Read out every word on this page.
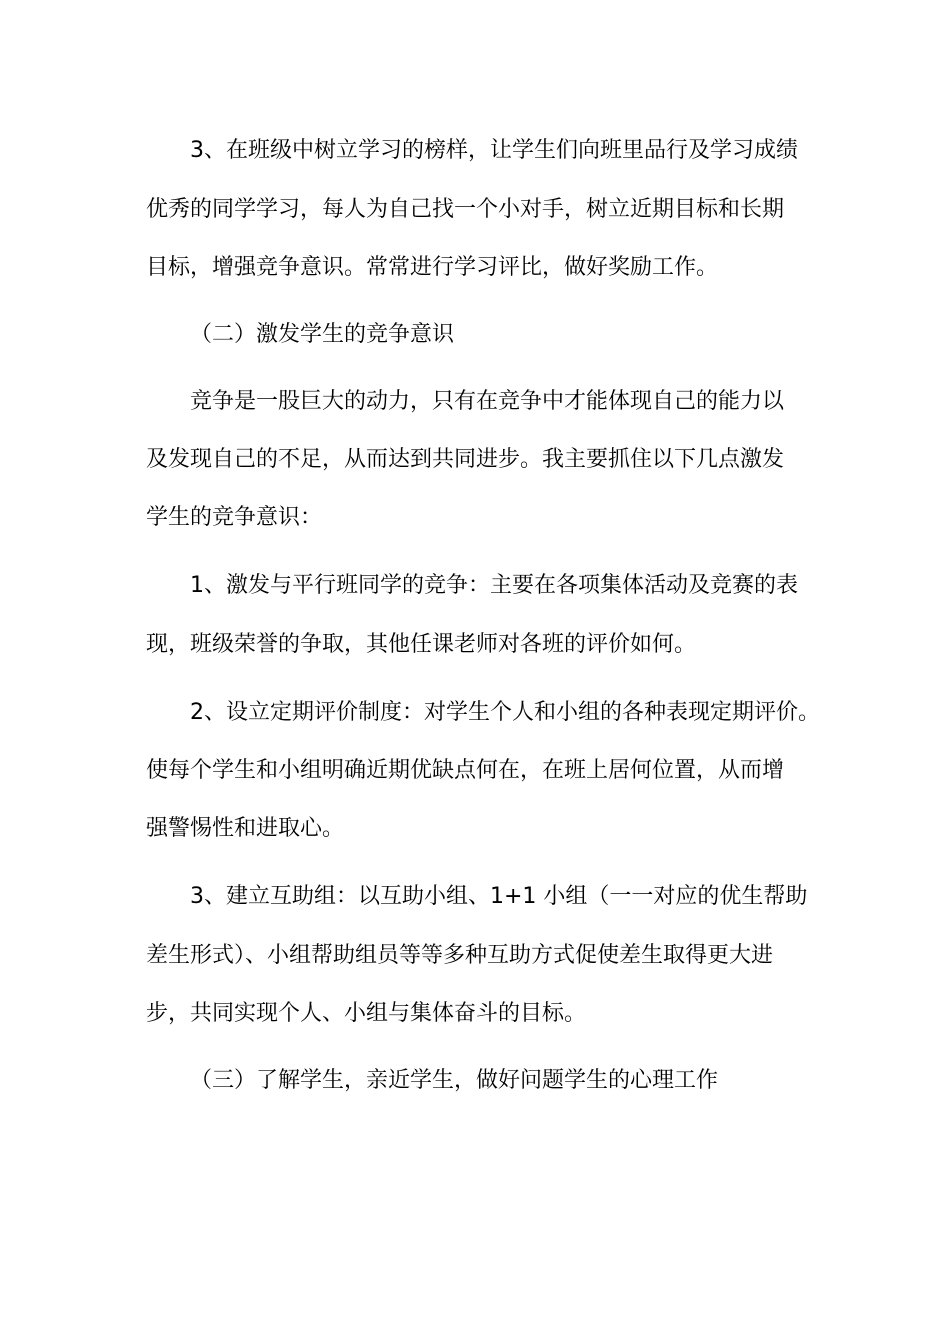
3、在班级中树立学习的榜样，让学生们向班里品行及学习成绩
优秀的同学学习，每人为自己找一个小对手，树立近期目标和长期
目标，增强竞争意识。常常进行学习评比，做好奖励工作。
（二）激发学生的竞争意识
竞争是一股巨大的动力，只有在竞争中才能体现自己的能力以
及发现自己的不足，从而达到共同进步。我主要抓住以下几点激发
学生的竞争意识：
1、激发与平行班同学的竞争：主要在各项集体活动及竞赛的表
现，班级荣誉的争取，其他任课老师对各班的评价如何。
2、设立定期评价制度：对学生个人和小组的各种表现定期评价。
使每个学生和小组明确近期优缺点何在，在班上居何位置，从而增
强警惕性和进取心。
3、建立互助组：以互助小组、1+1 小组（一一对应的优生帮助
差生形式）、小组帮助组员等等多种互助方式促使差生取得更大进
步，共同实现个人、小组与集体奋斗的目标。
（三）了解学生，亲近学生，做好问题学生的心理工作
